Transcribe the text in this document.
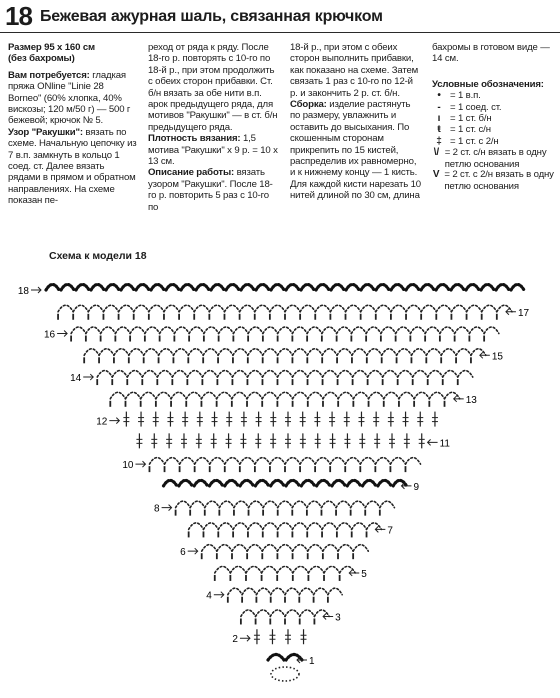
18 Бежевая ажурная шаль, связанная крючком

Размер 95 х 160 см

(без бахромы)

Вам потребуется: гладкая пряжа ONline "Linie 28 Borneo" (60% хлопка, 40% вискозы; 120 м/50 г) — 500 г бежевой; крючок № 5.

Узор "Ракушки": вязать по схеме. Начальную цепочку из 7 в.п. замкнуть в кольцо 1 соед. ст. Далее вязать рядами в прямом и обратном направлениях. На схеме показан пе-

реход от ряда к ряду. После 18-го р. повторять с 10-го по 18-й р., при этом продолжить с обеих сторон прибавки. Ст. б/н вязать за обе нити в.п. арок предыдущего ряда, для мотивов "Ракушки" — в ст. б/н предыдущего ряда.

Плотность вязания: 1,5 мотива "Ракушки" х 9 р. = 10 х 13 см.

Описание работы: вязать узором "Ракушки". После 18-го р. повторить 5 раз с 10-го по

18-й р., при этом с обеих сторон выполнить прибавки, как показано на схеме. Затем связать 1 раз с 10-го по 12-й р. и закончить 2 р. ст. б/н.

Сборка: изделие растянуть по размеру, увлажнить и оставить до высыхания. По скошенным сторонам прикрепить по 15 кистей, распределив их равномерно, и к нижнему концу — 1 кисть. Для каждой кисти нарезать 10 нитей длиной по 30 см, длина

бахромы в готовом виде — 14 см.

Условные обозначения:

• = 1 в.п.
- = 1 соед. ст.
ı	= 1 ст. б/н
ŧ = 1 ст. с/н
‡ = 1 ст. с 2/н
\/ = 2 ст. с/н вязать в одну петлю основания
V = 2 ст. с 2/н вязать в одну петлю основания
Схема к модели 18
1
2
3
4
5
6
7
8
9
10
11
12
13
14
15
16
17
18
